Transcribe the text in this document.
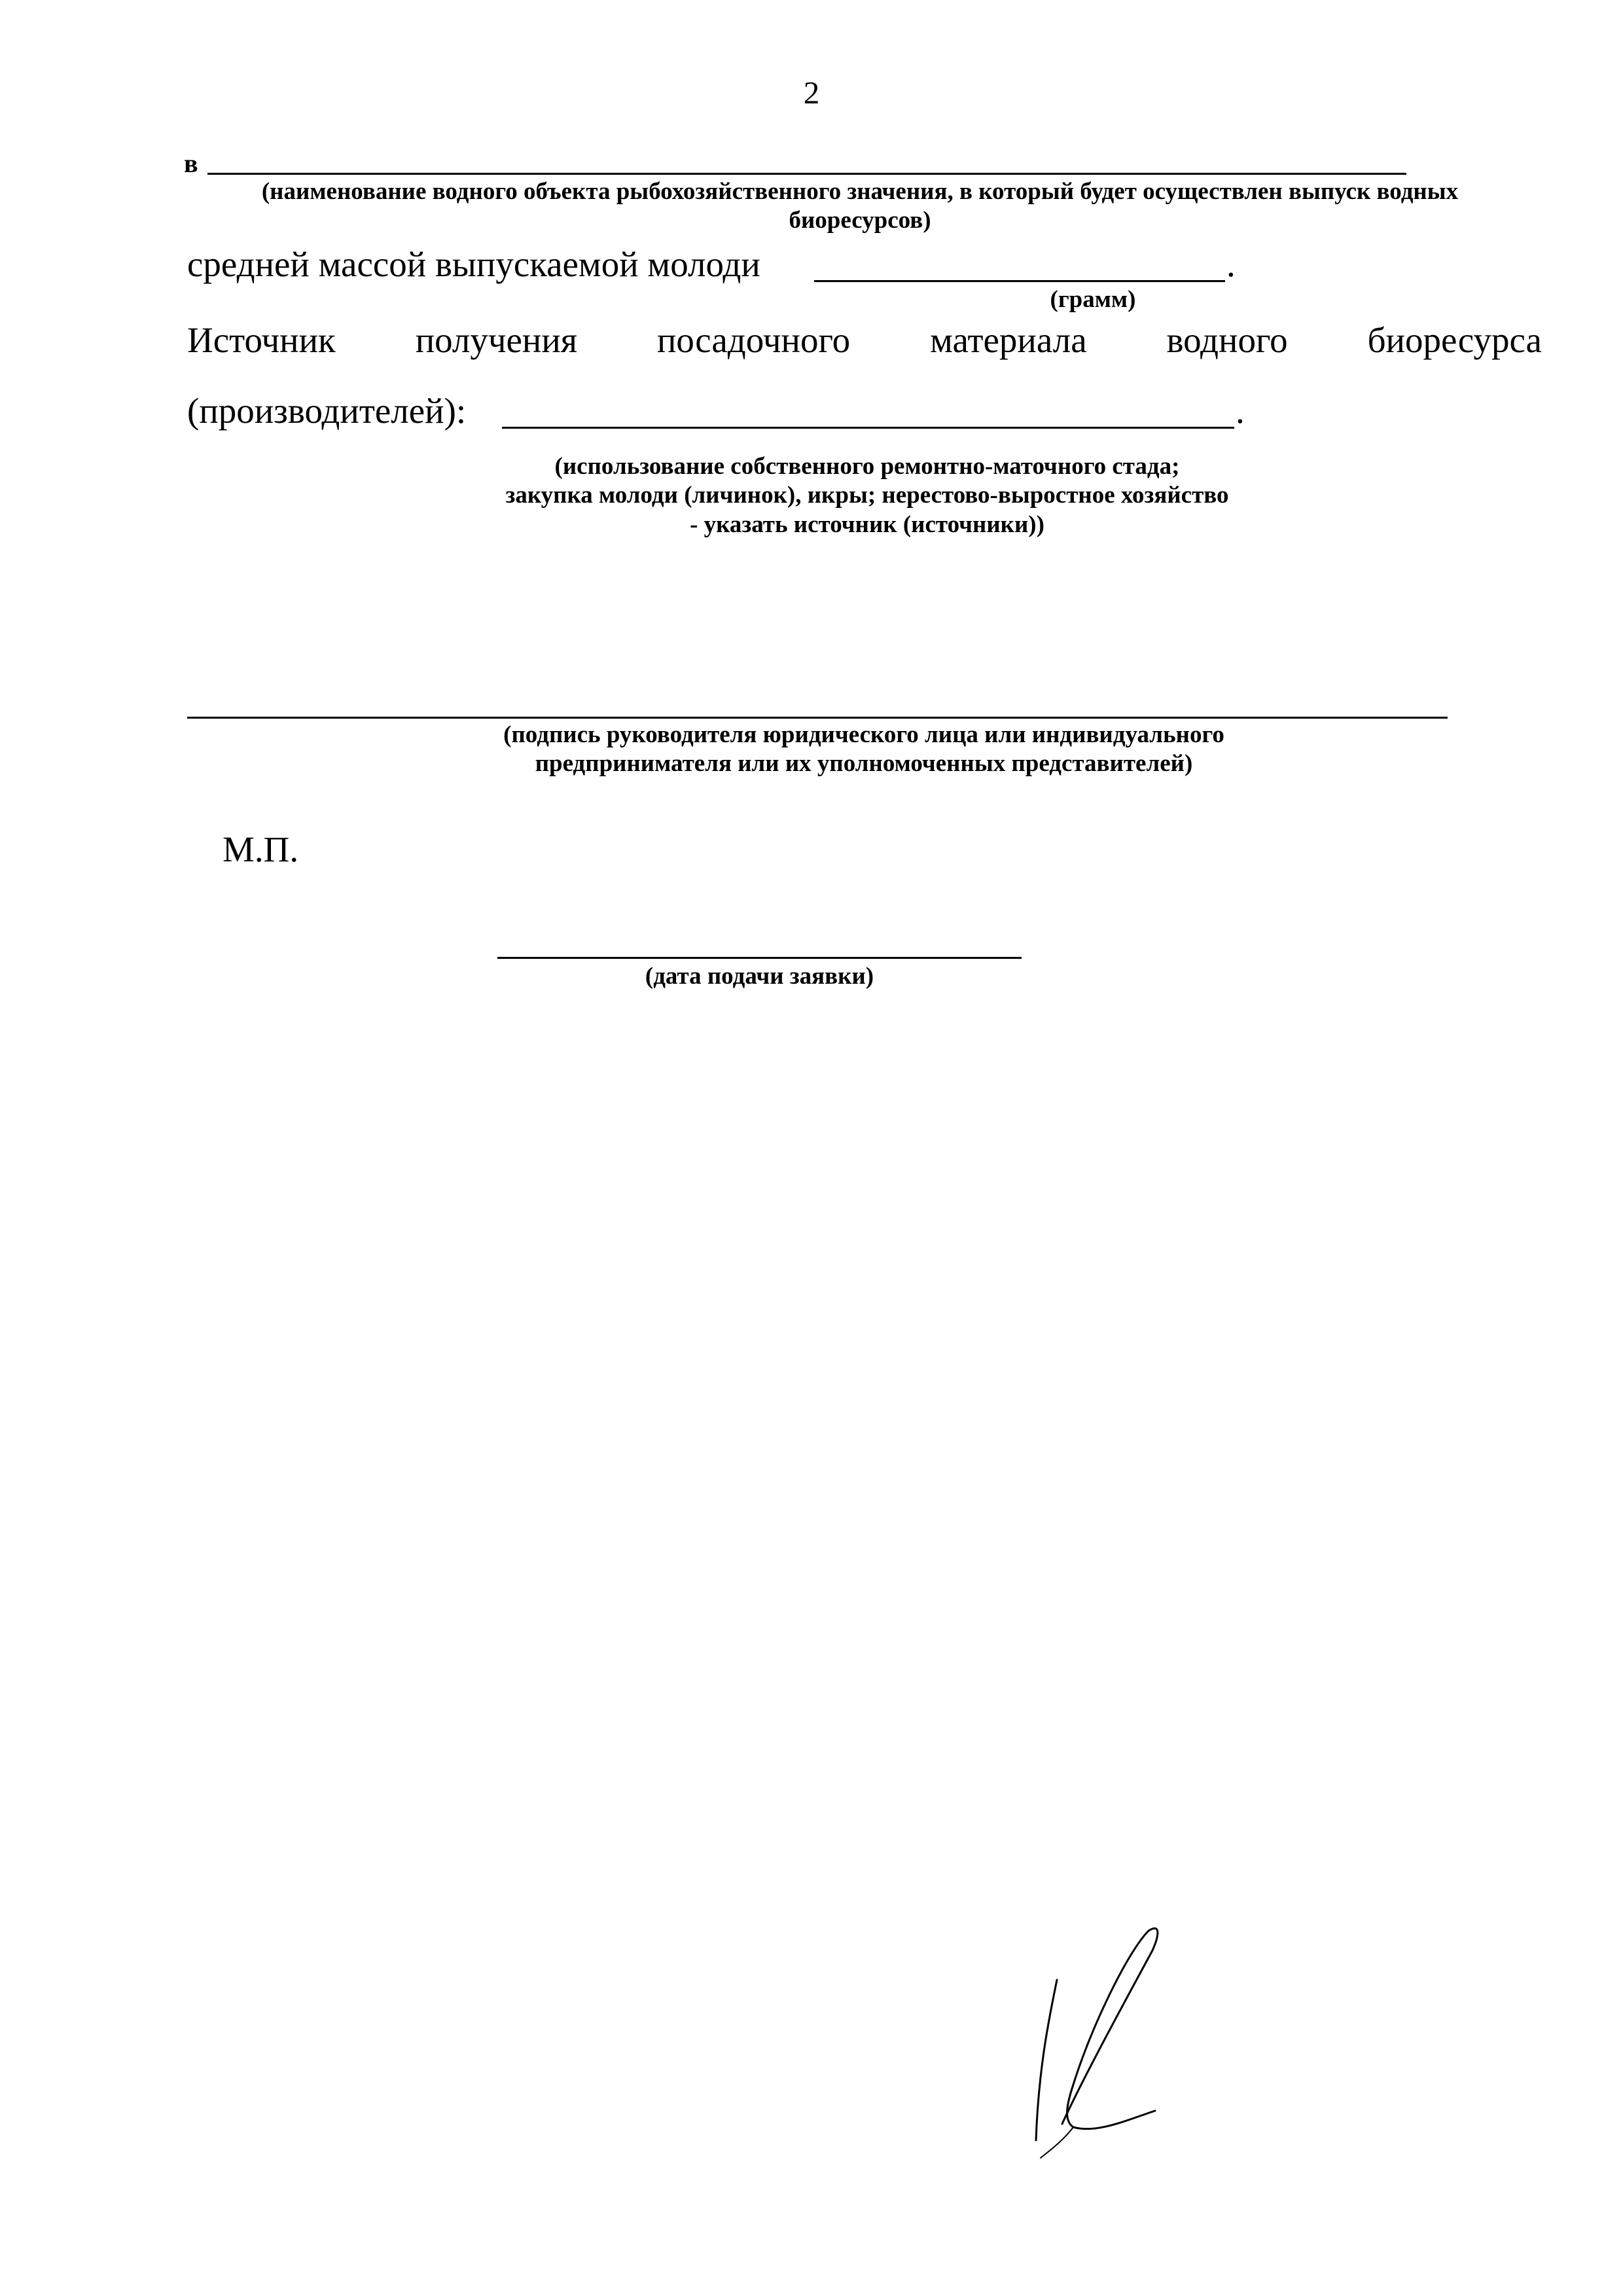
2
в
(наименование водного объекта рыбохозяйственного значения, в который будет осуществлен выпуск водных
биоресурсов)
средней массой выпускаемой молоди	.
(грамм)
Источник получения посадочного материала водного биоресурса
(производителей):	.
(использование собственного ремонтно-маточного стада;
закупка молоди (личинок), икры; нерестово-выростное хозяйство
- указать источник (источники))
(подпись руководителя юридического лица или индивидуального
предпринимателя или их уполномоченных представителей)
М.П.
(дата подачи заявки)
